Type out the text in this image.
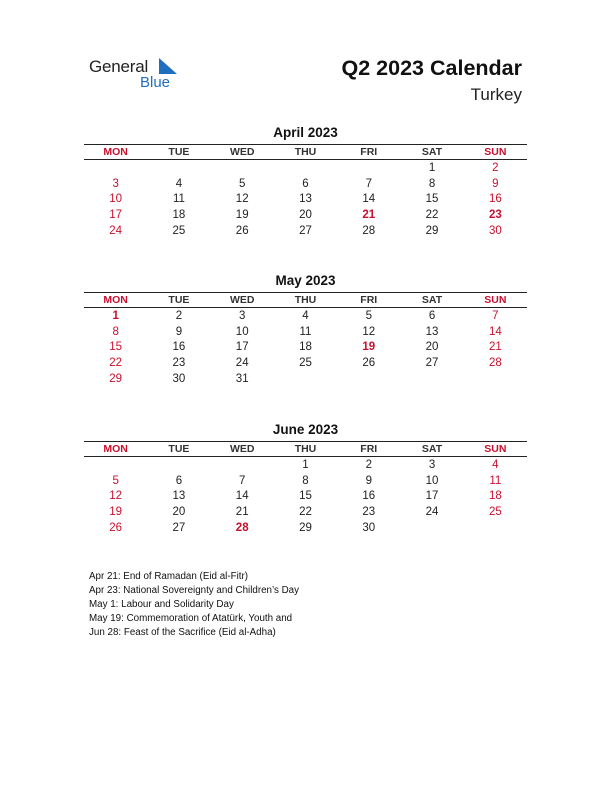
General
Blue
Q2 2023 Calendar
Turkey
April 2023
MON	TUE	WED	THU	FRI	SAT	SUN
					1	2
3	4	5	6	7	8	9
10	11	12	13	14	15	16
17	18	19	20	21	22	23
24	25	26	27	28	29	30
May 2023
MON	TUE	WED	THU	FRI	SAT	SUN
1	2	3	4	5	6	7
8	9	10	11	12	13	14
15	16	17	18	19	20	21
22	23	24	25	26	27	28
29	30	31				
June 2023
MON	TUE	WED	THU	FRI	SAT	SUN
			1	2	3	4
5	6	7	8	9	10	11
12	13	14	15	16	17	18
19	20	21	22	23	24	25
26	27	28	29	30		
Apr 21: End of Ramadan (Eid al-Fitr)
Apr 23: National Sovereignty and Children’s Day
May 1: Labour and Solidarity Day
May 19: Commemoration of Atatürk, Youth and
Jun 28: Feast of the Sacrifice (Eid al-Adha)
